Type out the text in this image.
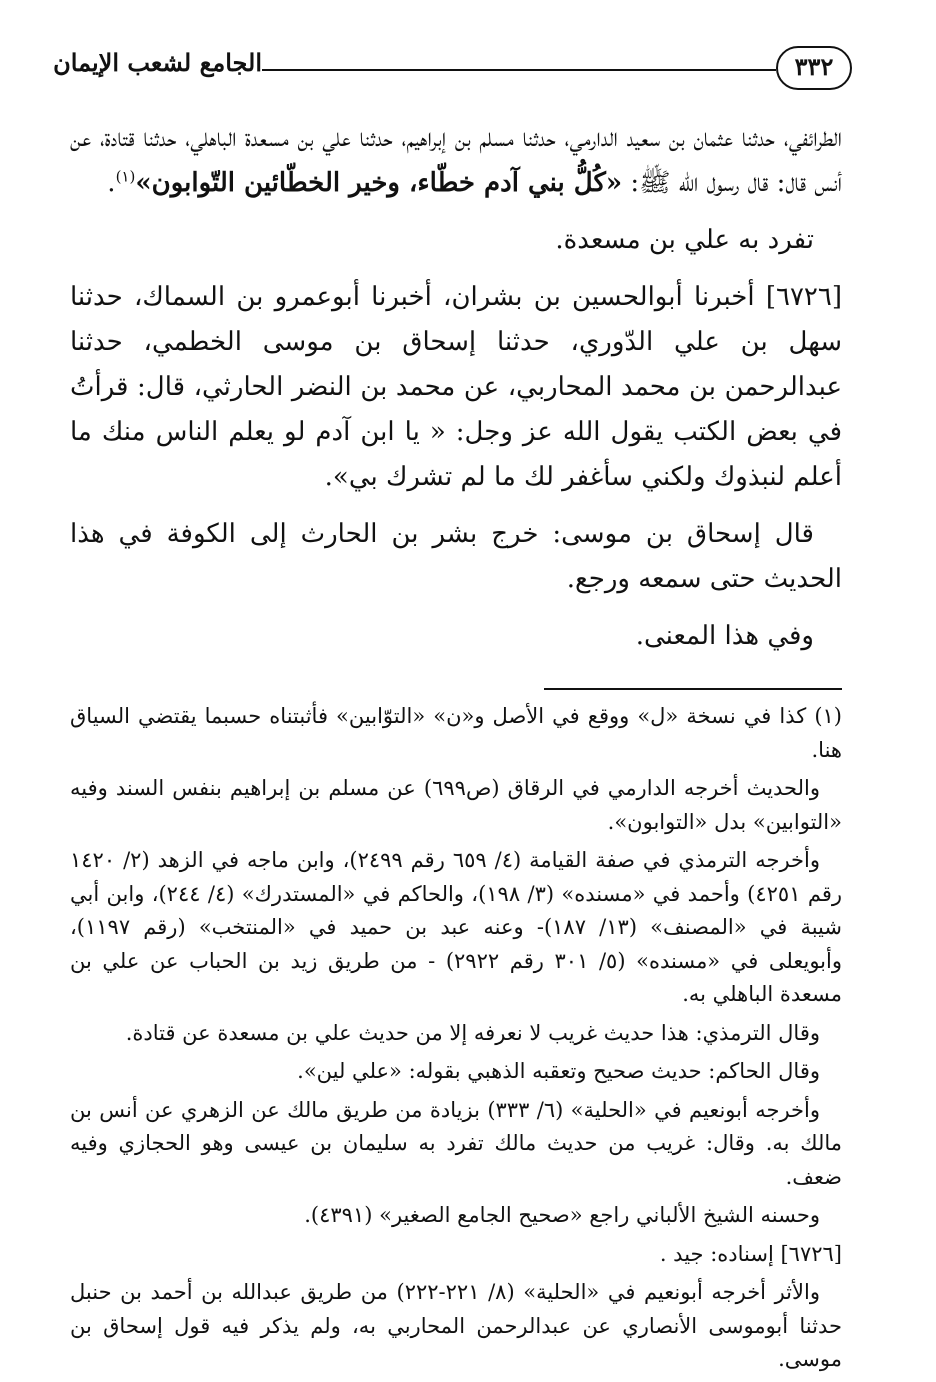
٣٣٢
الجامع لشعب الإيمان

الطرائفي، حدثنا عثمان بن سعيد الدارمي، حدثنا مسلم بن إبراهيم، حدثنا علي بن مسعدة الباهلي، حدثنا قتادة، عن أنس قال: قال رسول الله ﷺ: «كُلُّ بني آدم خطّاء، وخير الخطّائين التّوابون»$^{(١)}$.

تفرد به علي بن مسعدة.

[٦٧٢٦] أخبرنا أبوالحسين بن بشران، أخبرنا أبوعمرو بن السماك، حدثنا سهل بن علي الدّوري، حدثنا إسحاق بن موسى الخطمي، حدثنا عبدالرحمن بن محمد المحاربي، عن محمد بن النضر الحارثي، قال: قرأتُ في بعض الكتب يقول الله عز وجل: « يا ابن آدم لو يعلم الناس منك ما أعلم لنبذوك ولكني سأغفر لك ما لم تشرك بي».

قال إسحاق بن موسى: خرج بشر بن الحارث إلى الكوفة في هذا الحديث حتى سمعه ورجع.

وفي هذا المعنى.

(١) كذا في نسخة «ل» ووقع في الأصل و«ن» «التوّابين» فأثبتناه حسبما يقتضي السياق هنا.

والحديث أخرجه الدارمي في الرقاق (ص٦٩٩) عن مسلم بن إبراهيم بنفس السند وفيه «التوابين» بدل «التوابون».

وأخرجه الترمذي في صفة القيامة (٤/ ٦٥٩ رقم ٢٤٩٩)، وابن ماجه في الزهد (٢/ ١٤٢٠ رقم ٤٢٥١) وأحمد في «مسنده» (٣/ ١٩٨)، والحاكم في «المستدرك» (٤/ ٢٤٤)، وابن أبي شيبة في «المصنف» (١٣/ ١٨٧)- وعنه عبد بن حميد في «المنتخب» (رقم ١١٩٧)، وأبويعلى في «مسنده» (٥/ ٣٠١ رقم ٢٩٢٢) - من طريق زيد بن الحباب عن علي بن مسعدة الباهلي به.

وقال الترمذي: هذا حديث غريب لا نعرفه إلا من حديث علي بن مسعدة عن قتادة.

وقال الحاكم: حديث صحيح وتعقبه الذهبي بقوله: «علي لين».

وأخرجه أبونعيم في «الحلية» (٦/ ٣٣٣) بزيادة من طريق مالك عن الزهري عن أنس بن مالك به. وقال: غريب من حديث مالك تفرد به سليمان بن عيسى وهو الحجازي وفيه ضعف.

وحسنه الشيخ الألباني راجع «صحيح الجامع الصغير» (٤٣٩١).

[٦٧٢٦] إسناده: جيد .

والأثر أخرجه أبونعيم في «الحلية» (٨/ ٢٢١-٢٢٢) من طريق عبدالله بن أحمد بن حنبل حدثنا أبوموسى الأنصاري عن عبدالرحمن المحاربي به، ولم يذكر فيه قول إسحاق بن موسى.
